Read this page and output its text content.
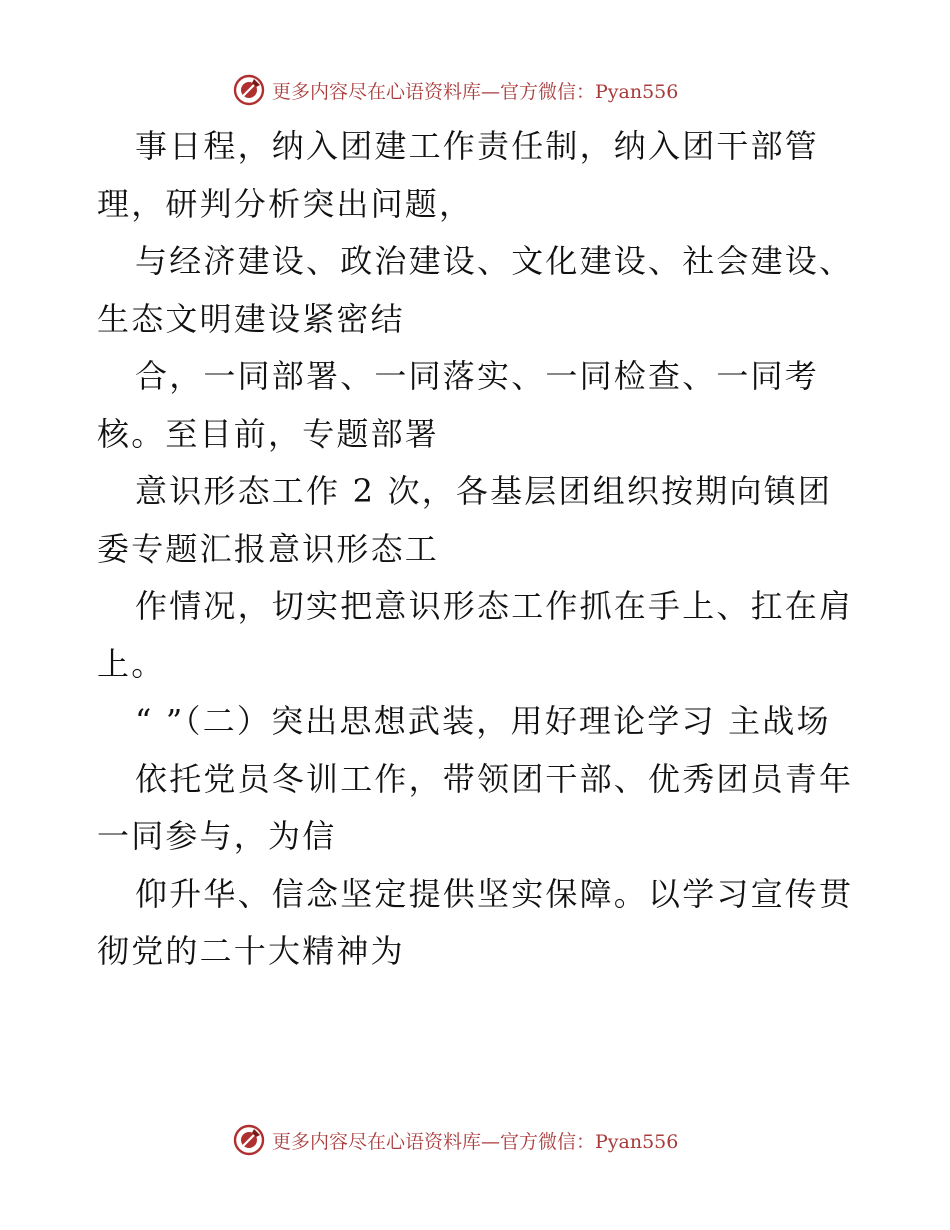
更多内容尽在心语资料库—官方微信：Pyan556

事日程，纳入团建工作责任制，纳入团干部管理，研判分析突出问题，

与经济建设、政治建设、文化建设、社会建设、生态文明建设紧密结

合，一同部署、一同落实、一同检查、一同考核。至目前，专题部署

意识形态工作 2 次，各基层团组织按期向镇团委专题汇报意识形态工

作情况，切实把意识形态工作抓在手上、扛在肩上。

“ ”（二）突出思想武装，用好理论学习 主战场

依托党员冬训工作，带领团干部、优秀团员青年一同参与，为信

仰升华、信念坚定提供坚实保障。以学习宣传贯彻党的二十大精神为

更多内容尽在心语资料库—官方微信：Pyan556
